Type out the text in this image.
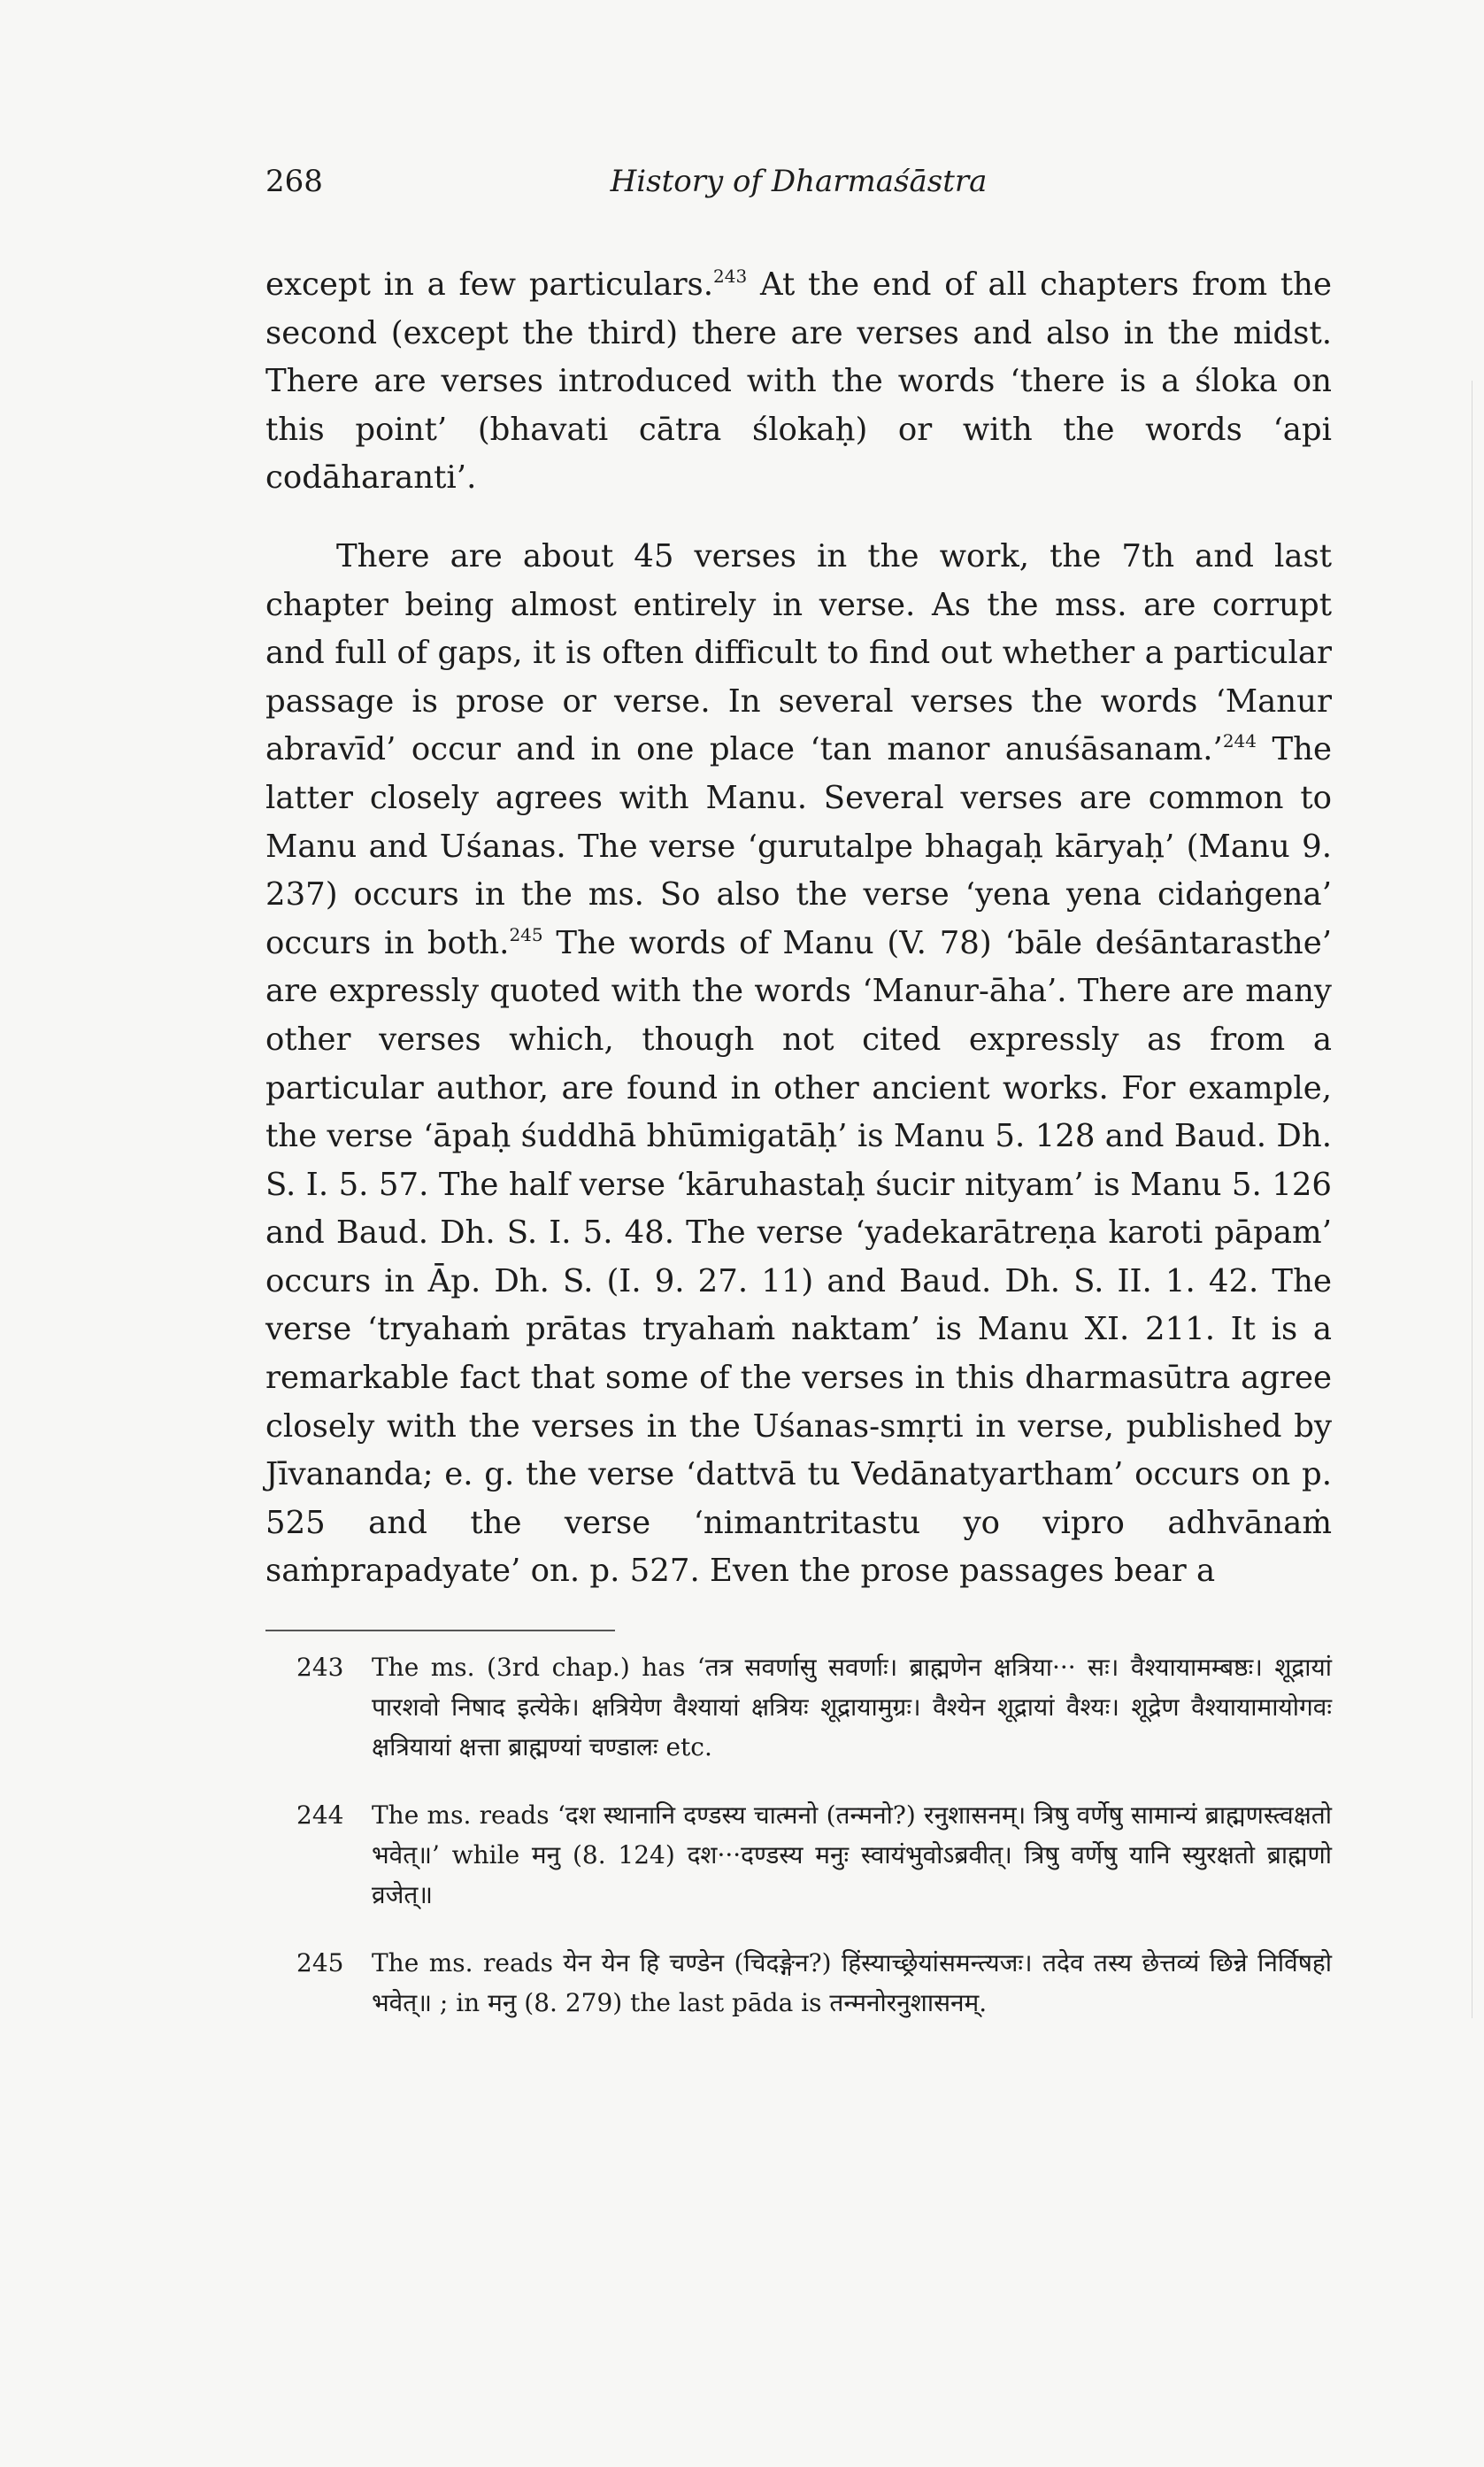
268	History of Dharmaśāstra

except in a few particulars.$^{243}$ At the end of all chapters from the second (except the third) there are verses and also in the midst. There are verses introduced with the words ‘there is a śloka on this point’ (bhavati cātra ślokaḥ) or with the words ‘api codāharanti’.

There are about 45 verses in the work, the 7th and last chapter being almost entirely in verse. As the mss. are corrupt and full of gaps, it is often difficult to find out whether a particular passage is prose or verse. In several verses the words ‘Manur abravīd’ occur and in one place ‘tan manor anuśāsanam.’$^{244}$ The latter closely agrees with Manu. Several verses are common to Manu and Uśanas. The verse ‘gurutalpe bhagaḥ kāryaḥ’ (Manu 9. 237) occurs in the ms. So also the verse ‘yena yena cidaṅgena’ occurs in both.$^{245}$ The words of Manu (V. 78) ‘bāle deśāntarasthe’ are expressly quoted with the words ‘Manur-āha’. There are many other verses which, though not cited expressly as from a particular author, are found in other ancient works. For example, the verse ‘āpaḥ śuddhā bhūmigatāḥ’ is Manu 5. 128 and Baud. Dh. S. I. 5. 57. The half verse ‘kāruhastaḥ śucir nityam’ is Manu 5. 126 and Baud. Dh. S. I. 5. 48. The verse ‘yadekarātreṇa karoti pāpam’ occurs in Āp. Dh. S. (I. 9. 27. 11) and Baud. Dh. S. II. 1. 42. The verse ‘tryahaṁ prātas tryahaṁ naktam’ is Manu XI. 211. It is a remarkable fact that some of the verses in this dharmasūtra agree closely with the verses in the Uśanas-smṛti in verse, published by Jīvananda; e. g. the verse ‘dattvā tu Vedānatyartham’ occurs on p. 525 and the verse ‘nimantritastu yo vipro adhvānaṁ saṁprapadyate’ on. p. 527. Even the prose passages bear a

243 The ms. (3rd chap.) has ‘तत्र सवर्णासु सवर्णाः। ब्राह्मणेन क्षत्रिया··· सः। वैश्यायामम्बष्ठः। शूद्रायां पारशवो निषाद इत्येके। क्षत्रियेण वैश्यायां क्षत्रियः शूद्रायामुग्रः। वैश्येन शूद्रायां वैश्यः। शूद्रेण वैश्यायामायोगवः क्षत्रियायां क्षत्ता ब्राह्मण्यां चण्डालः etc.
244 The ms. reads ‘दश स्थानानि दण्डस्य चात्मनो (तन्मनो?) रनुशासनम्। त्रिषु वर्णेषु सामान्यं ब्राह्मणस्त्वक्षतो भवेत्॥’ while मनु (8. 124) दश···दण्डस्य मनुः स्वायंभुवोऽब्रवीत्। त्रिषु वर्णेषु यानि स्युरक्षतो ब्राह्मणो व्रजेत्॥
245 The ms. reads येन येन हि चण्डेन (चिदङ्गेन?) हिंस्याच्छ्रेयांसमन्त्यजः। तदेव तस्य छेत्तव्यं छिन्ने निर्विषहो भवेत्॥ ; in मनु (8. 279) the last pāda is तन्मनोरनुशासनम्.
